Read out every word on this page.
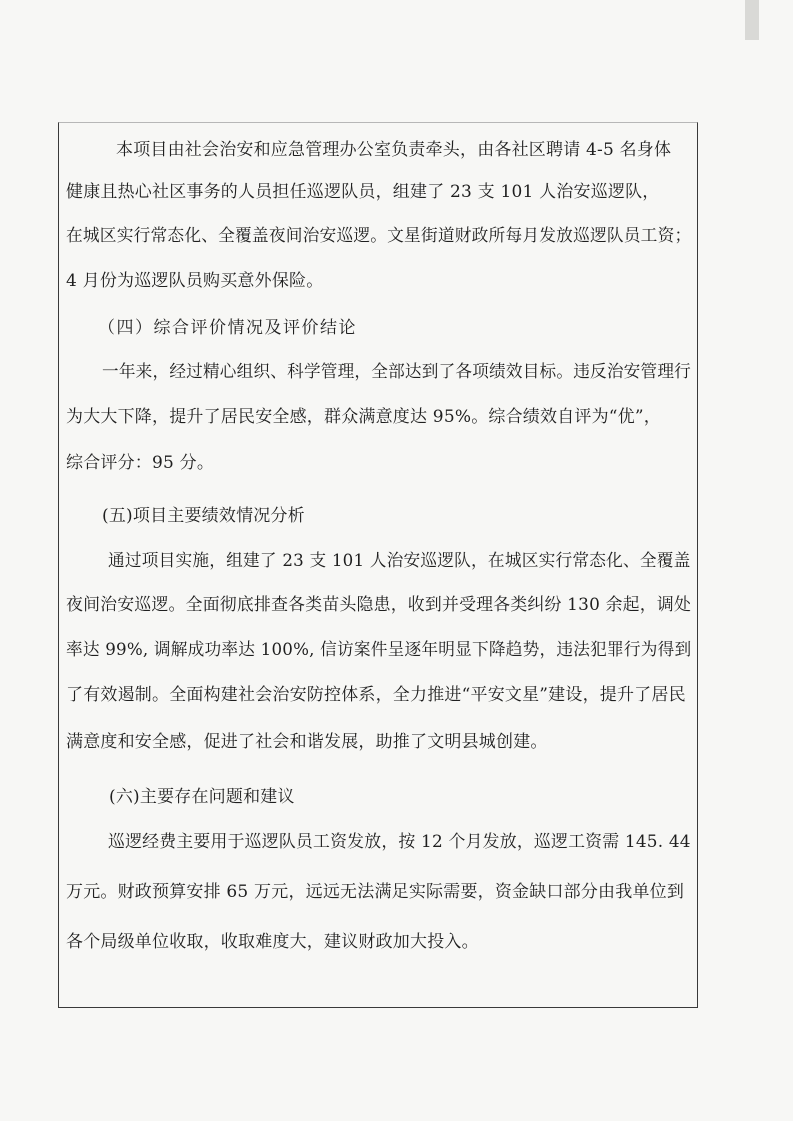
本项目由社会治安和应急管理办公室负责牵头，由各社区聘请 4-5 名身体
健康且热心社区事务的人员担任巡逻队员，组建了 23 支 101 人治安巡逻队，
在城区实行常态化、全覆盖夜间治安巡逻。文星街道财政所每月发放巡逻队员工资；
4 月份为巡逻队员购买意外保险。
（四）综合评价情况及评价结论
一年来，经过精心组织、科学管理，全部达到了各项绩效目标。违反治安管理行
为大大下降，提升了居民安全感，群众满意度达 95%。综合绩效自评为“优”，
综合评分：95 分。
(五)项目主要绩效情况分析
通过项目实施，组建了 23 支 101 人治安巡逻队，在城区实行常态化、全覆盖
夜间治安巡逻。全面彻底排查各类苗头隐患，收到并受理各类纠纷 130 余起，调处
率达 99%, 调解成功率达 100%, 信访案件呈逐年明显下降趋势，违法犯罪行为得到
了有效遏制。全面构建社会治安防控体系，全力推进“平安文星”建设，提升了居民
满意度和安全感，促进了社会和谐发展，助推了文明县城创建。
(六)主要存在问题和建议
巡逻经费主要用于巡逻队员工资发放，按 12 个月发放，巡逻工资需 145. 44
万元。财政预算安排 65 万元，远远无法满足实际需要，资金缺口部分由我单位到
各个局级单位收取，收取难度大，建议财政加大投入。
